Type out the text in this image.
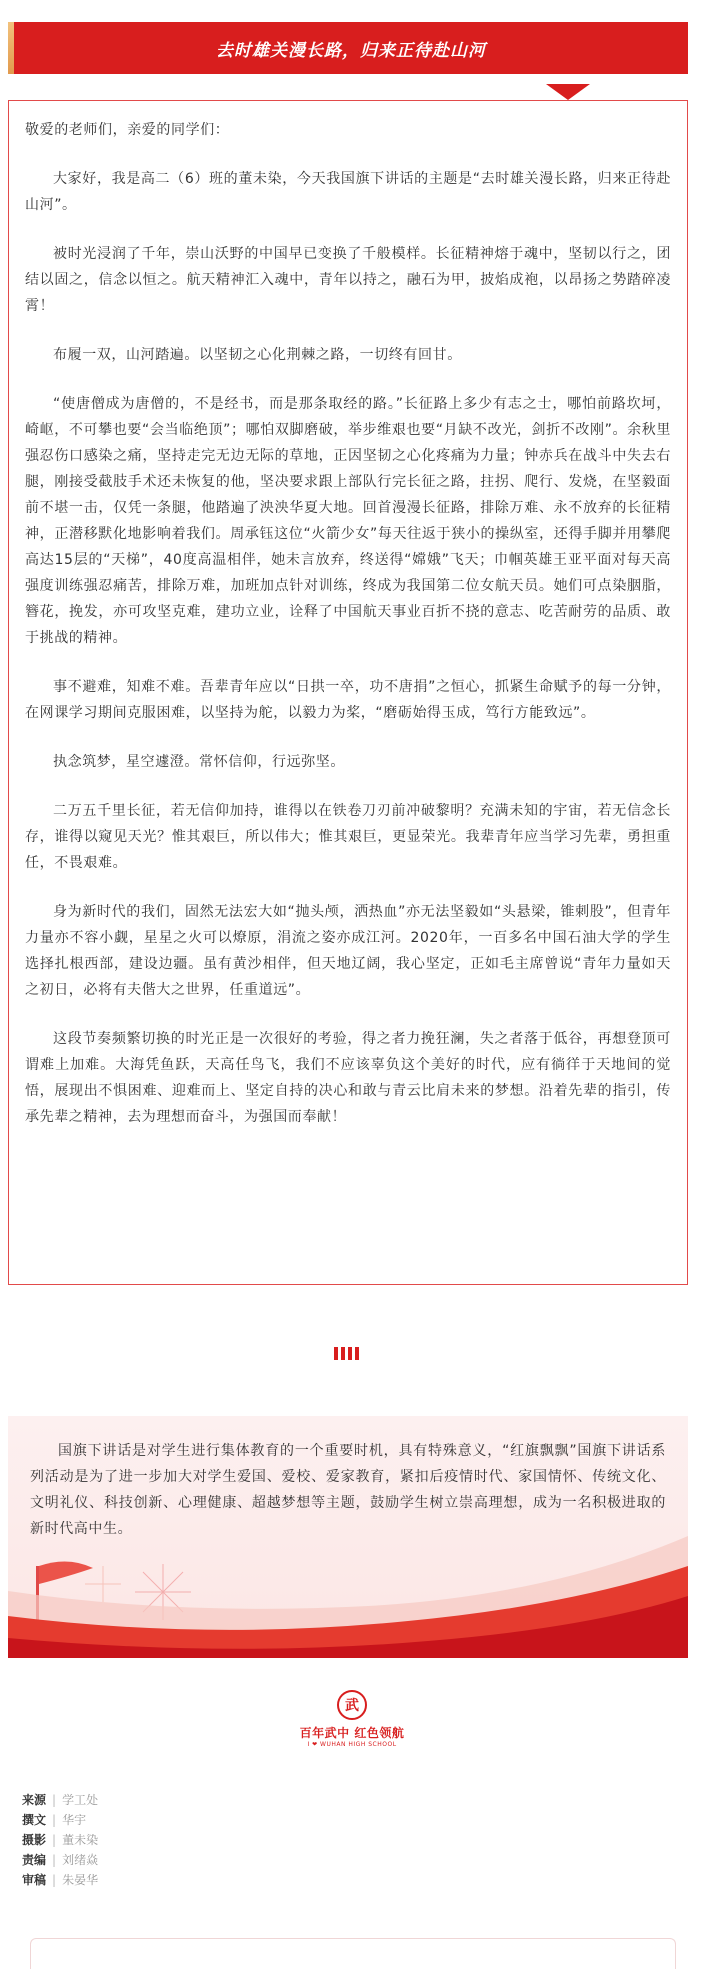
去时雄关漫长路，归来正待赴山河

敬爱的老师们，亲爱的同学们：

大家好，我是高二（6）班的董未染，今天我国旗下讲话的主题是“去时雄关漫长路，归来正待赴山河”。

被时光浸润了千年，崇山沃野的中国早已变换了千般模样。长征精神熔于魂中，坚韧以行之，团结以固之，信念以恒之。航天精神汇入魂中，青年以持之，融石为甲，披焰成袍，以昂扬之势踏碎凌霄！

布履一双，山河踏遍。以坚韧之心化荆棘之路，一切终有回甘。

“使唐僧成为唐僧的，不是经书，而是那条取经的路。”长征路上多少有志之士，哪怕前路坎坷，崎岖，不可攀也要“会当临绝顶”；哪怕双脚磨破，举步维艰也要“月缺不改光，剑折不改刚”。余秋里强忍伤口感染之痛，坚持走完无边无际的草地，正因坚韧之心化疼痛为力量；钟赤兵在战斗中失去右腿，刚接受截肢手术还未恢复的他，坚决要求跟上部队行完长征之路，拄拐、爬行、发烧，在坚毅面前不堪一击，仅凭一条腿，他踏遍了泱泱华夏大地。回首漫漫长征路，排除万难、永不放弃的长征精神，正潜移默化地影响着我们。周承钰这位“火箭少女”每天往返于狭小的操纵室，还得手脚并用攀爬高达15层的“天梯”，40度高温相伴，她未言放弃，终送得“嫦娥”飞天；巾帼英雄王亚平面对每天高强度训练强忍痛苦，排除万难，加班加点针对训练，终成为我国第二位女航天员。她们可点染胭脂，簪花，挽发，亦可攻坚克难，建功立业，诠释了中国航天事业百折不挠的意志、吃苦耐劳的品质、敢于挑战的精神。

事不避难，知难不难。吾辈青年应以“日拱一卒，功不唐捐”之恒心，抓紧生命赋予的每一分钟，在网课学习期间克服困难，以坚持为舵，以毅力为桨，“磨砺始得玉成，笃行方能致远”。

执念筑梦，星空遽澄。常怀信仰，行远弥坚。

二万五千里长征，若无信仰加持，谁得以在铁卷刀刃前冲破黎明？充满未知的宇宙，若无信念长存，谁得以窥见天光？惟其艰巨，所以伟大；惟其艰巨，更显荣光。我辈青年应当学习先辈，勇担重任，不畏艰难。

身为新时代的我们，固然无法宏大如“抛头颅，洒热血”亦无法坚毅如“头悬梁，锥刺股”，但青年力量亦不容小觑，星星之火可以燎原，涓流之姿亦成江河。2020年，一百多名中国石油大学的学生选择扎根西部，建设边疆。虽有黄沙相伴，但天地辽阔，我心坚定，正如毛主席曾说“青年力量如天之初日，必将有夫偕大之世界，任重道远”。

这段节奏频繁切换的时光正是一次很好的考验，得之者力挽狂澜，失之者落于低谷，再想登顶可谓难上加难。大海凭鱼跃，天高任鸟飞，我们不应该辜负这个美好的时代，应有徜徉于天地间的觉悟，展现出不惧困难、迎难而上、坚定自持的决心和敢与青云比肩未来的梦想。沿着先辈的指引，传承先辈之精神，去为理想而奋斗，为强国而奉献！

国旗下讲话是对学生进行集体教育的一个重要时机，具有特殊意义，“红旗飘飘”国旗下讲话系列活动是为了进一步加大对学生爱国、爱校、爱家教育，紧扣后疫情时代、家国情怀、传统文化、文明礼仪、科技创新、心理健康、超越梦想等主题，鼓励学生树立崇高理想，成为一名积极进取的新时代高中生。

武
百年武中 红色领航
I ❤ WUHAN HIGH SCHOOL
来源 | 学工处
撰文 | 华宇
摄影 | 董未染
责编 | 刘绪焱
审稿 | 朱晏华
